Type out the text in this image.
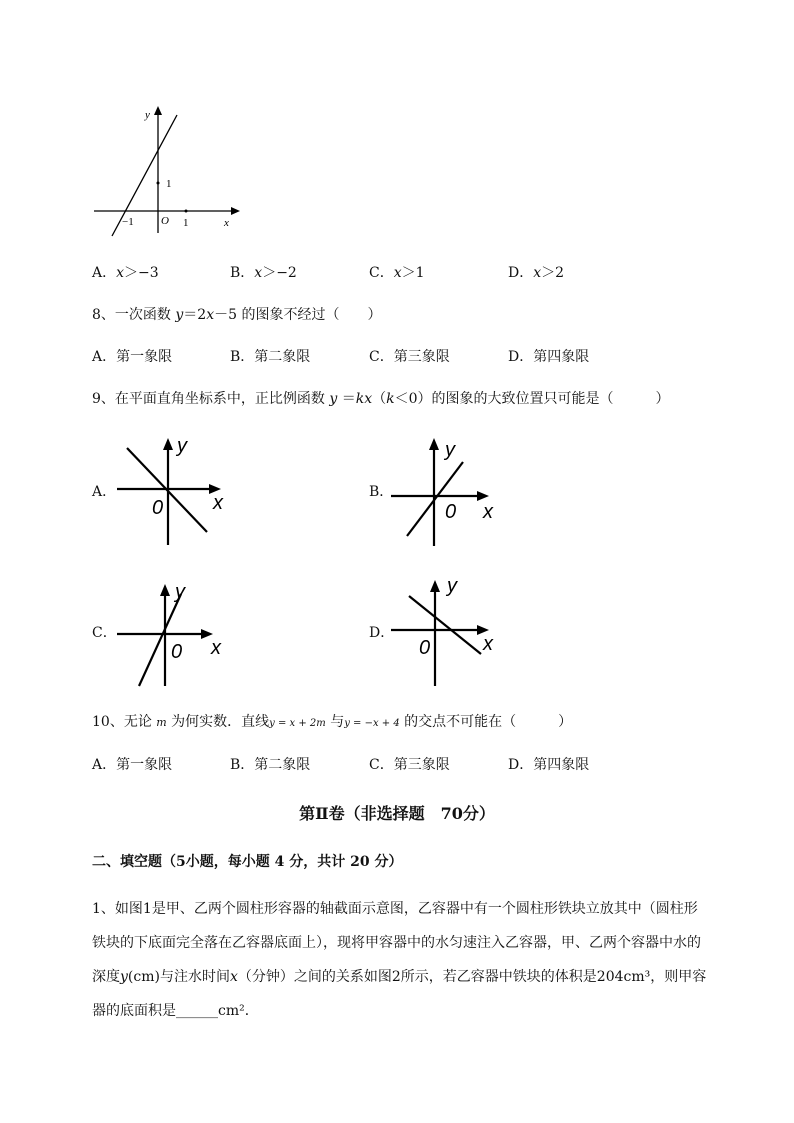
y
x
O
1
1
−1
A．x＞−3	B．x＞−2	C．x＞1	D．x＞2
8、一次函数 y＝2x－5 的图象不经过（　　）
A．第一象限	B．第二象限	C．第三象限	D．第四象限
9、在平面直角坐标系中，正比例函数 y ＝kx（k＜0）的图象的大致位置只可能是（　　　）
A．
y
x
0
B．
y
x
0
C．
y
x
0
D．
y
x
0
10、无论 m 为何实数．直线y = x + 2m 与y = −x + 4 的交点不可能在（　　　）
A．第一象限	B．第二象限	C．第三象限	D．第四象限
第Ⅱ卷（非选择题　70分）
二、填空题（5小题，每小题 4 分，共计 20 分）
1、如图1是甲、乙两个圆柱形容器的轴截面示意图，乙容器中有一个圆柱形铁块立放其中（圆柱形
铁块的下底面完全落在乙容器底面上），现将甲容器中的水匀速注入乙容器，甲、乙两个容器中水的
深度y(cm)与注水时间x（分钟）之间的关系如图2所示，若乙容器中铁块的体积是204cm³，则甲容
器的底面积是______cm²．
